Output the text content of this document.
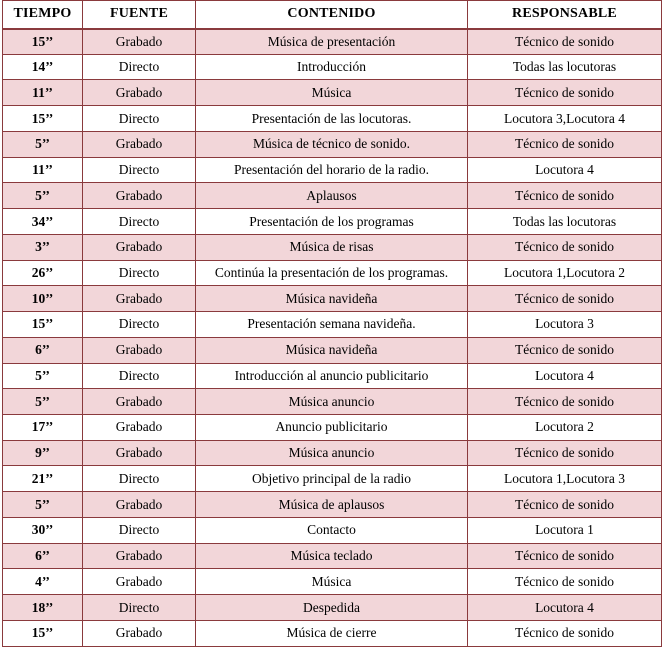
TIEMPO	FUENTE	CONTENIDO	RESPONSABLE
15’’	Grabado	Música de presentación	Técnico de sonido
14’’	Directo	Introducción	Todas las locutoras
11’’	Grabado	Música	Técnico de sonido
15’’	Directo	Presentación de las locutoras.	Locutora 3,Locutora 4
5’’	Grabado	Música de técnico de sonido.	Técnico de sonido
11’’	Directo	Presentación del horario de la radio.	Locutora 4
5’’	Grabado	Aplausos	Técnico de sonido
34’’	Directo	Presentación de los programas	Todas las locutoras
3’’	Grabado	Música de risas	Técnico de sonido
26’’	Directo	Continúa la presentación de los programas.	Locutora 1,Locutora 2
10’’	Grabado	Música navideña	Técnico de sonido
15’’	Directo	Presentación semana navideña.	Locutora 3
6’’	Grabado	Música navideña	Técnico de sonido
5’’	Directo	Introducción al anuncio publicitario	Locutora 4
5’’	Grabado	Música anuncio	Técnico de sonido
17’’	Grabado	Anuncio publicitario	Locutora 2
9’’	Grabado	Música anuncio	Técnico de sonido
21’’	Directo	Objetivo principal de la radio	Locutora 1,Locutora 3
5’’	Grabado	Música de aplausos	Técnico de sonido
30’’	Directo	Contacto	Locutora 1
6’’	Grabado	Música teclado	Técnico de sonido
4’’	Grabado	Música	Técnico de sonido
18’’	Directo	Despedida	Locutora 4
15’’	Grabado	Música de cierre	Técnico de sonido
